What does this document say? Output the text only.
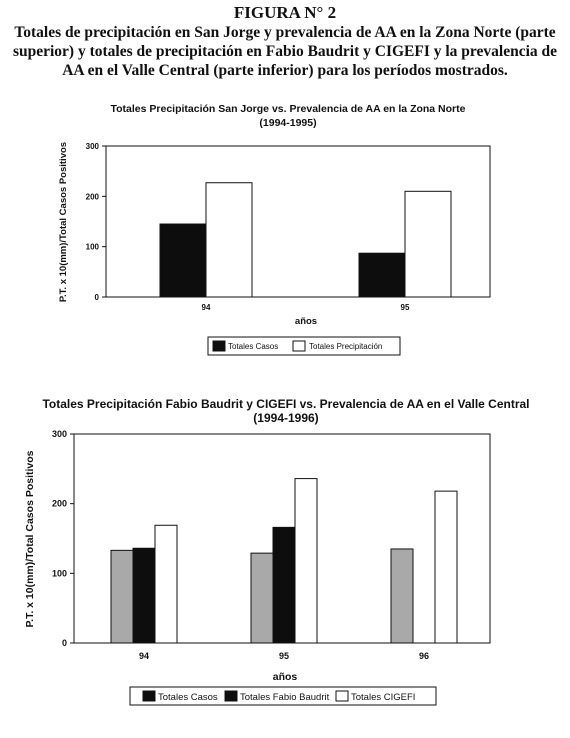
FIGURA N° 2
Totales de precipitación en San Jorge y prevalencia de AA en la Zona Norte (parte superior) y totales de precipitación en Fabio Baudrit y CIGEFI y la prevalencia de AA en el Valle Central (parte inferior) para los períodos mostrados.
Totales Precipitación San Jorge vs. Prevalencia de AA en la Zona Norte
(1994-1995)
0
100
200
300
94	95
P.T. x 10(mm)/Total Casos Positivos
años
Totales Casos	Totales Precipitación
Totales Precipitación Fabio Baudrit y CIGEFI vs. Prevalencia de AA en el Valle Central
(1994-1996)
0
100
200
300
94	95	96
P.T. x 10(mm)/Total Casos Positivos
años
Totales Casos Totales Fabio Baudrit Totales CIGEFI
